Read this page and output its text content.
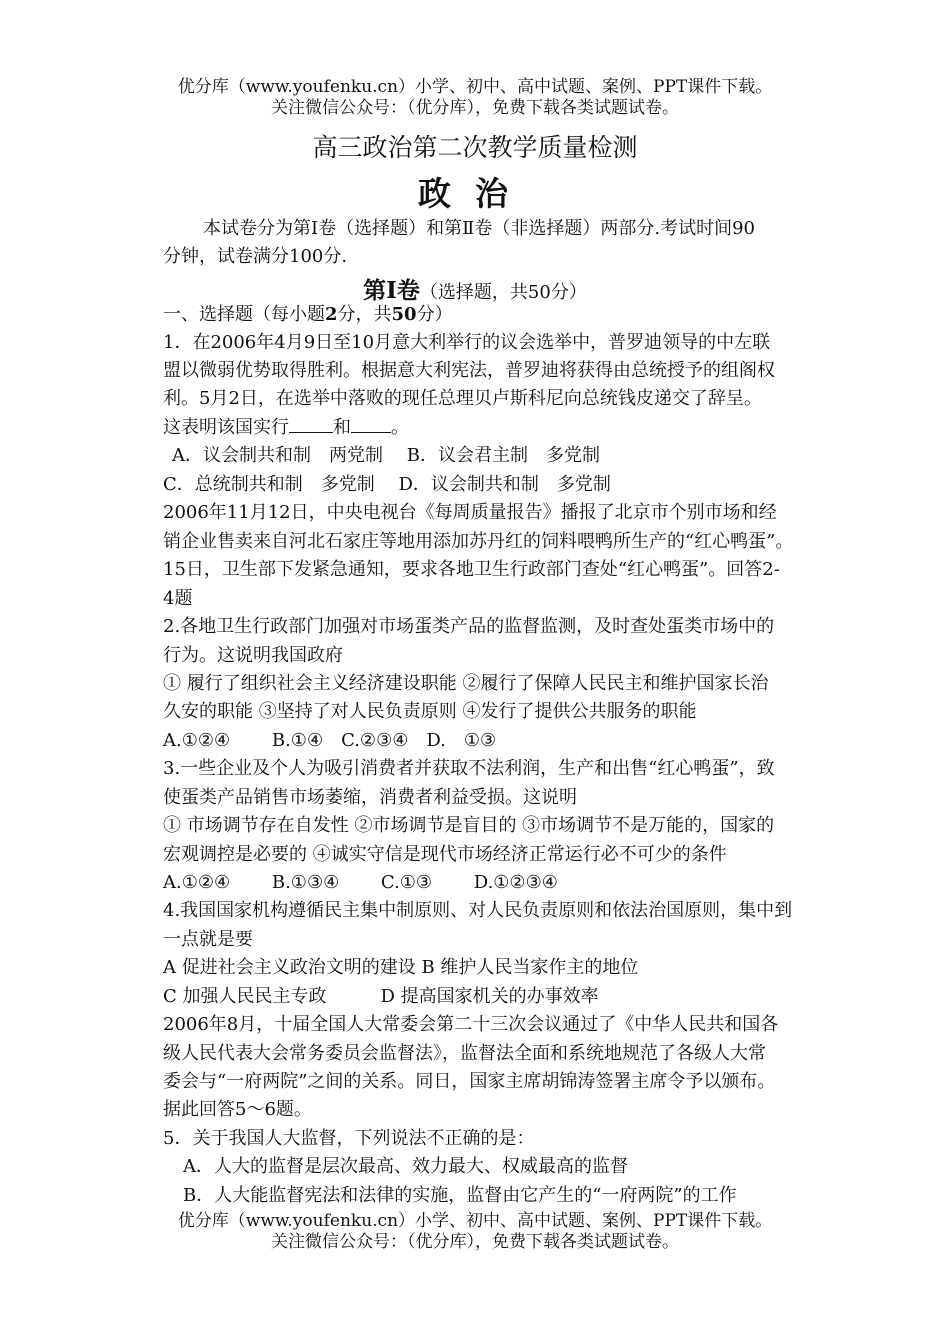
优分库（www.youfenku.cn）小学、初中、高中试题、案例、PPT课件下载。
关注微信公众号：（优分库），免费下载各类试题试卷。
高三政治第二次教学质量检测
政治
本试卷分为第Ⅰ卷（选择题）和第Ⅱ卷（非选择题）两部分.考试时间90
分钟，试卷满分100分.
第Ⅰ卷（选择题，共50分）
一、选择题（每小题2分，共50分）
1．在2006年4月9日至10月意大利举行的议会选举中，普罗迪领导的中左联
盟以微弱优势取得胜利。根据意大利宪法，普罗迪将获得由总统授予的组阁权
利。5月2日，在选举中落败的现任总理贝卢斯科尼向总统钱皮递交了辞呈。
这表明该国实行 和 。
A．议会制共和制　两党制　 B．议会君主制　多党制
C．总统制共和制　多党制　 D．议会制共和制　多党制
2006年11月12日，中央电视台《每周质量报告》播报了北京市个别市场和经
销企业售卖来自河北石家庄等地用添加苏丹红的饲料喂鸭所生产的“红心鸭蛋”。
15日，卫生部下发紧急通知，要求各地卫生行政部门查处“红心鸭蛋”。回答2-
4题
2.各地卫生行政部门加强对市场蛋类产品的监督监测，及时查处蛋类市场中的
行为。这说明我国政府
① 履行了组织社会主义经济建设职能 ②履行了保障人民民主和维护国家长治
久安的职能 ③坚持了对人民负责原则 ④发行了提供公共服务的职能
A.①②④　　 B.①④　C.②③④　D.　①③
3.一些企业及个人为吸引消费者并获取不法利润，生产和出售“红心鸭蛋”，致
使蛋类产品销售市场萎缩，消费者利益受损。这说明
① 市场调节存在自发性 ②市场调节是盲目的 ③市场调节不是万能的，国家的
宏观调控是必要的 ④诚实守信是现代市场经济正常运行必不可少的条件
A.①②④　　 B.①③④　　 C.①③　　 D.①②③④
4.我国国家机构遵循民主集中制原则、对人民负责原则和依法治国原则，集中到
一点就是要
A 促进社会主义政治文明的建设 B 维护人民当家作主的地位
C 加强人民民主专政　　　D 提高国家机关的办事效率
2006年8月，十届全国人大常委会第二十三次会议通过了《中华人民共和国各
级人民代表大会常务委员会监督法》，监督法全面和系统地规范了各级人大常
委会与“一府两院”之间的关系。同日，国家主席胡锦涛签署主席令予以颁布。
据此回答5～6题。
5．关于我国人大监督，下列说法不正确的是：
A．人大的监督是层次最高、效力最大、权威最高的监督
B．人大能监督宪法和法律的实施，监督由它产生的“一府两院”的工作
优分库（www.youfenku.cn）小学、初中、高中试题、案例、PPT课件下载。
关注微信公众号：（优分库），免费下载各类试题试卷。
